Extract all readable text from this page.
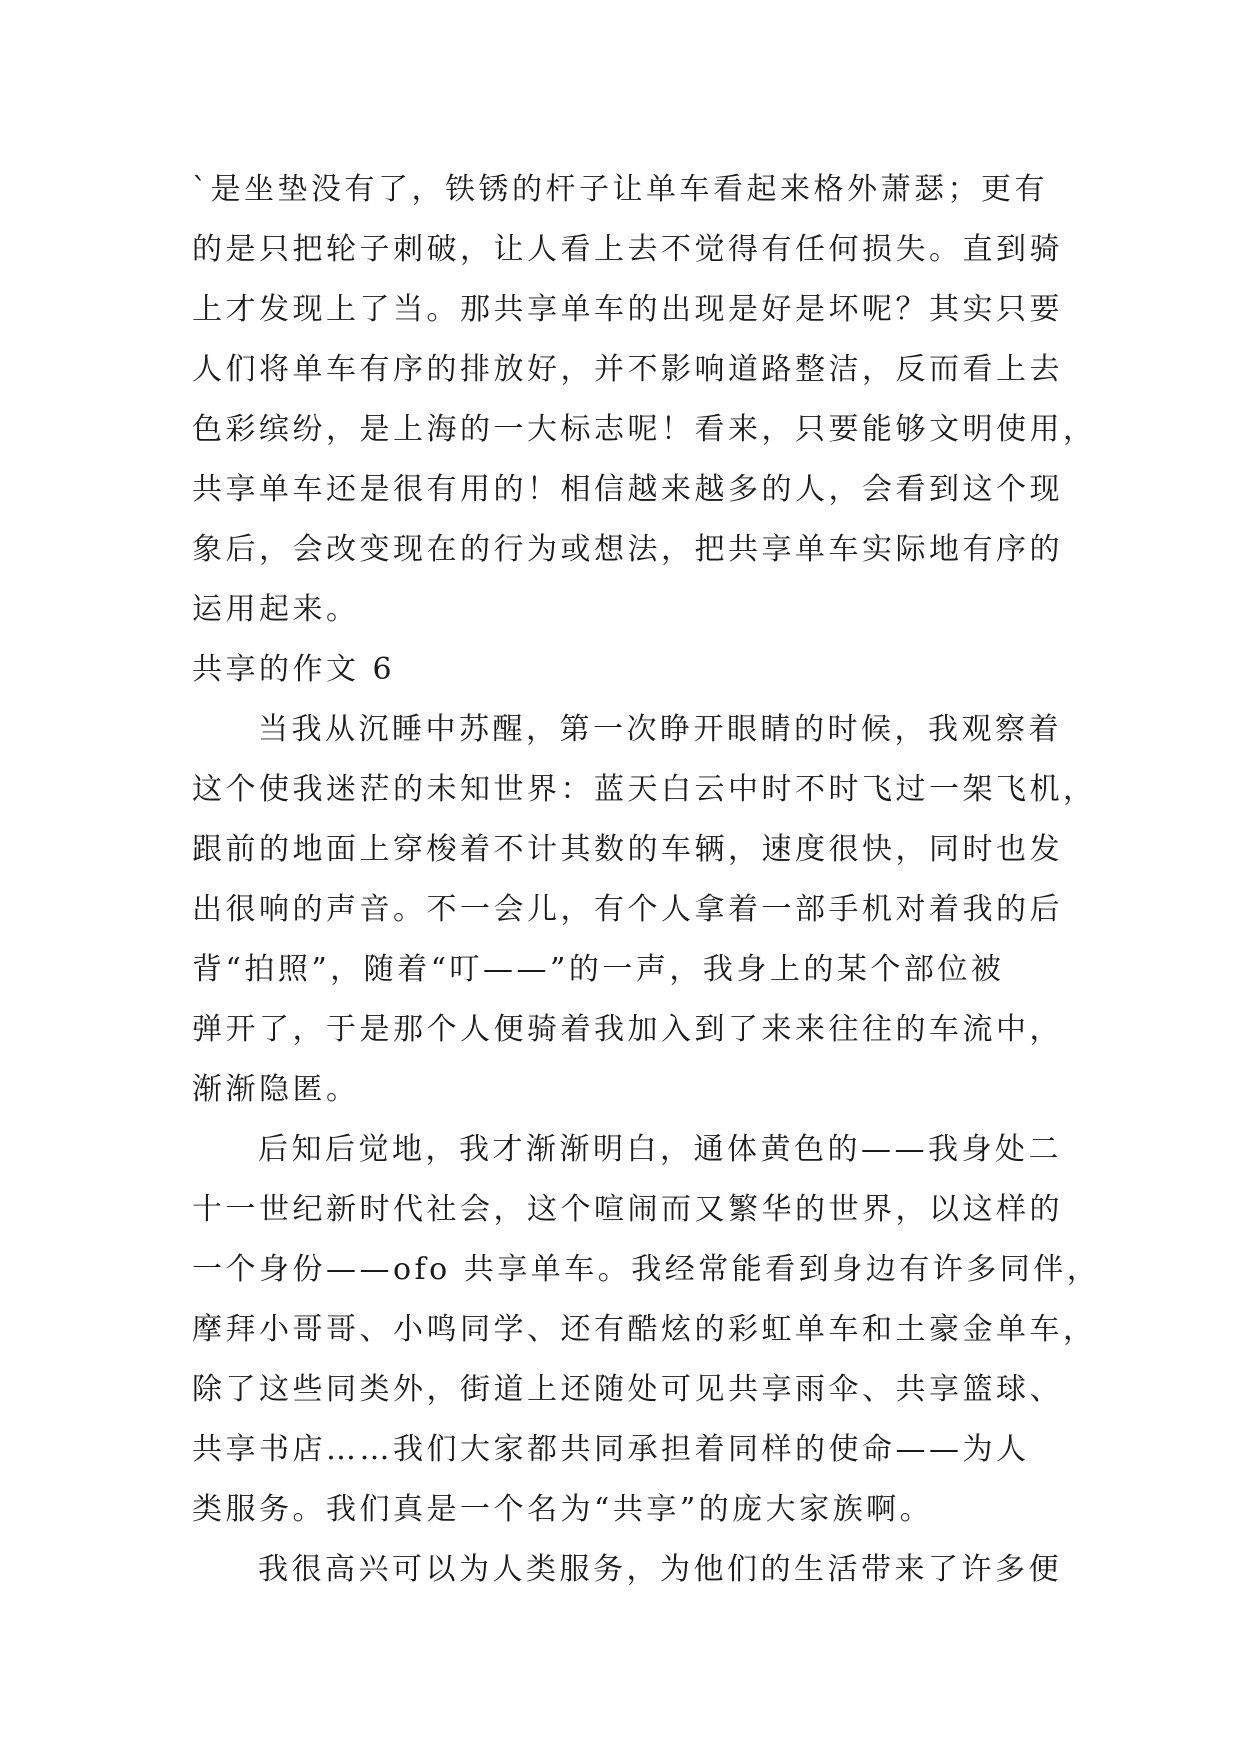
`是坐垫没有了，铁锈的杆子让单车看起来格外萧瑟；更有
的是只把轮子刺破，让人看上去不觉得有任何损失。直到骑
上才发现上了当。那共享单车的出现是好是坏呢？其实只要
人们将单车有序的排放好，并不影响道路整洁，反而看上去
色彩缤纷，是上海的一大标志呢！看来，只要能够文明使用，
共享单车还是很有用的！相信越来越多的人，会看到这个现
象后，会改变现在的行为或想法，把共享单车实际地有序的
运用起来。
共享的作文 6
当我从沉睡中苏醒，第一次睁开眼睛的时候，我观察着
这个使我迷茫的未知世界：蓝天白云中时不时飞过一架飞机，
跟前的地面上穿梭着不计其数的车辆，速度很快，同时也发
出很响的声音。不一会儿，有个人拿着一部手机对着我的后
背“拍照”，随着“叮——”的一声，我身上的某个部位被
弹开了，于是那个人便骑着我加入到了来来往往的车流中，
渐渐隐匿。
后知后觉地，我才渐渐明白，通体黄色的——我身处二
十一世纪新时代社会，这个喧闹而又繁华的世界，以这样的
一个身份——ofo 共享单车。我经常能看到身边有许多同伴，
摩拜小哥哥、小鸣同学、还有酷炫的彩虹单车和土豪金单车，
除了这些同类外，街道上还随处可见共享雨伞、共享篮球、
共享书店……我们大家都共同承担着同样的使命——为人
类服务。我们真是一个名为“共享”的庞大家族啊。
我很高兴可以为人类服务，为他们的生活带来了许多便
